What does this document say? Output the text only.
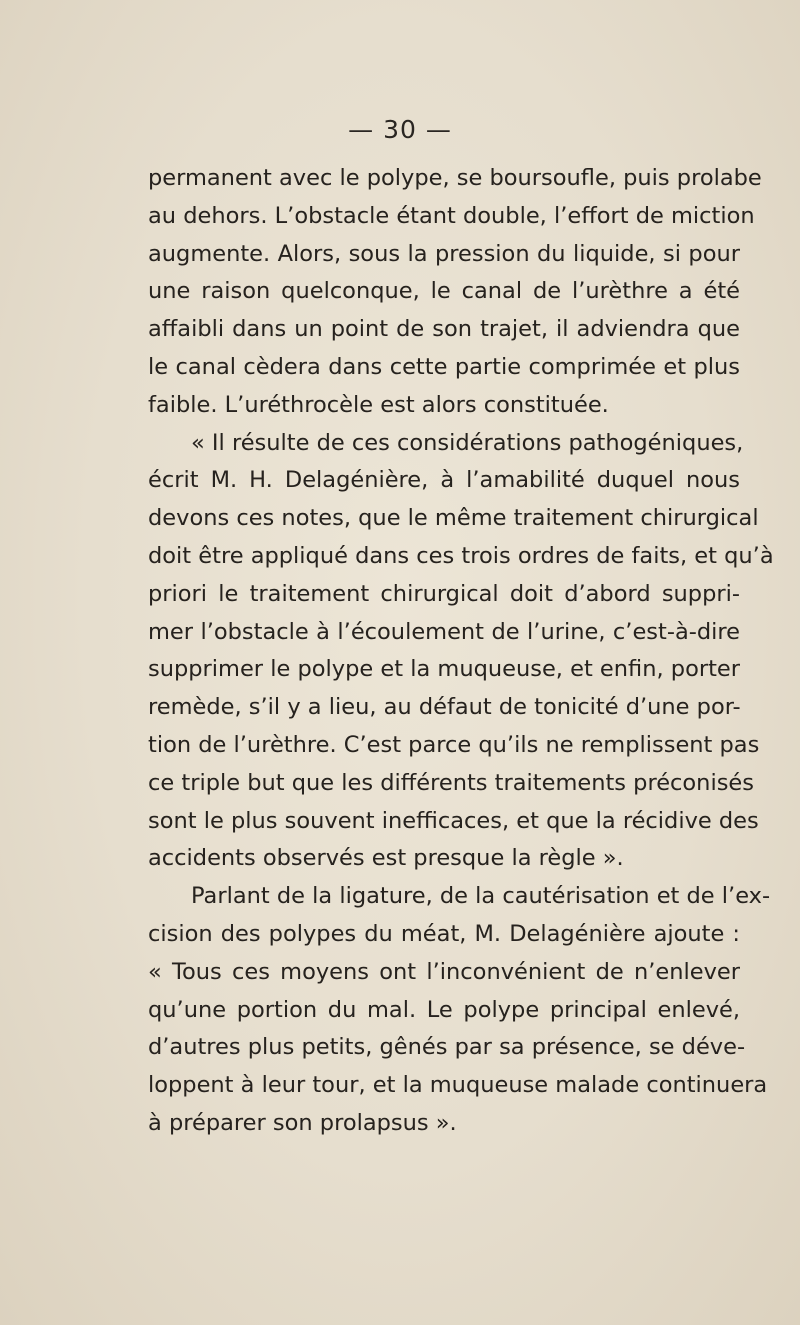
— 30 —
permanent avec le polype, se boursoufle, puis prolabe
au dehors. L’obstacle étant double, l’effort de miction
augmente. Alors, sous la pression du liquide, si pour
une raison quelconque, le canal de l’urèthre a été
affaibli dans un point de son trajet, il adviendra que
le canal cèdera dans cette partie comprimée et plus
faible. L’uréthrocèle est alors constituée.
« Il résulte de ces considérations pathogéniques,
écrit M. H. Delagénière, à l’amabilité duquel nous
devons ces notes, que le même traitement chirurgical
doit être appliqué dans ces trois ordres de faits, et qu’à
priori le traitement chirurgical doit d’abord suppri-
mer l’obstacle à l’écoulement de l’urine, c’est-à-dire
supprimer le polype et la muqueuse, et enfin, porter
remède, s’il y a lieu, au défaut de tonicité d’une por-
tion de l’urèthre. C’est parce qu’ils ne remplissent pas
ce triple but que les différents traitements préconisés
sont le plus souvent inefficaces, et que la récidive des
accidents observés est presque la règle ».
Parlant de la ligature, de la cautérisation et de l’ex-
cision des polypes du méat, M. Delagénière ajoute :
« Tous ces moyens ont l’inconvénient de n’enlever
qu’une portion du mal. Le polype principal enlevé,
d’autres plus petits, gênés par sa présence, se déve-
loppent à leur tour, et la muqueuse malade continuera
à préparer son prolapsus ».
